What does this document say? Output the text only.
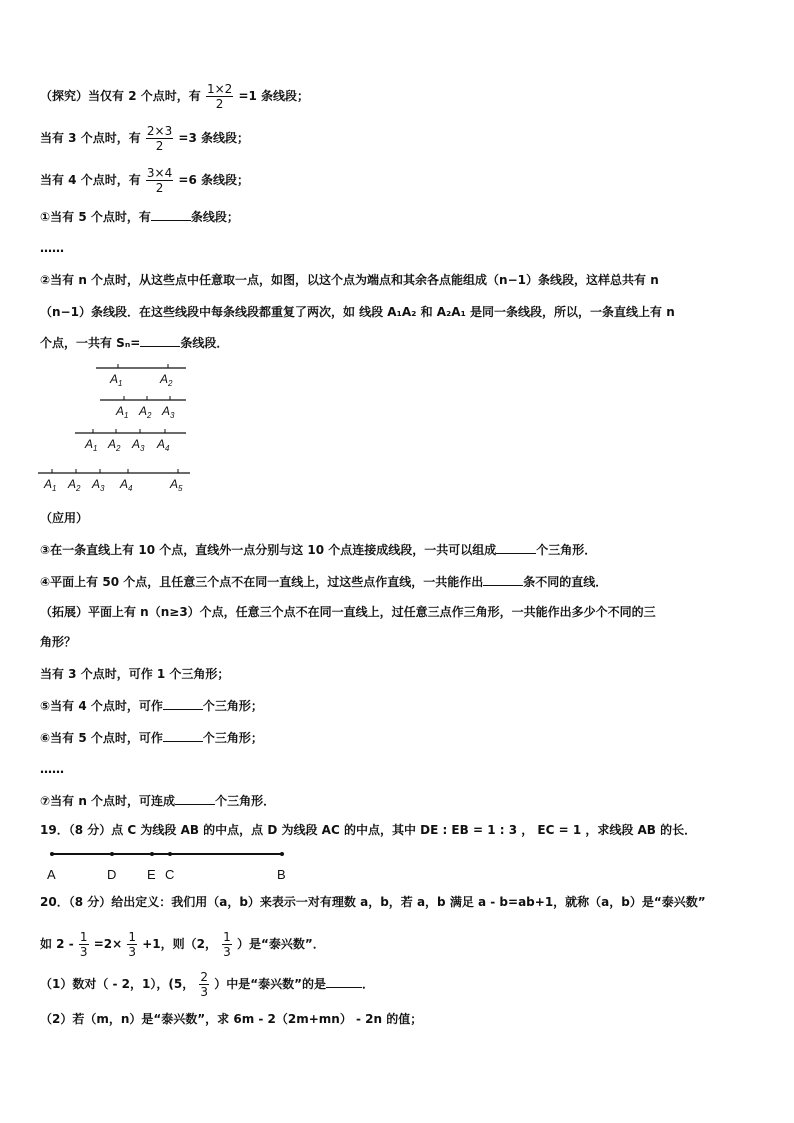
（探究）当仅有 2 个点时，有 $\frac{1\times 2}{2} =1$ 条线段；
当有 3 个点时，有 $\frac{2\times 3}{2} =3$ 条线段；
当有 4 个点时，有 $\frac{3\times 4}{2} =6$ 条线段；
①当有 5 个点时，有	条线段；
……
②当有 n 个点时，从这些点中任意取一点，如图，以这个点为端点和其余各点能组成（n−1）条线段，这样总共有 n
（n−1）条线段．在这些线段中每条线段都重复了两次，如 线段 A₁A₂ 和 A₂A₁ 是同一条线段，所以，一条直线上有 n
个点，一共有 Sₙ=	条线段．
$A_1$	$A_2$
$A_1$ $A_2$ $A_3$
$A_1$ $A_2$ $A_3$ $A_4$
$A_1$ $A_2$ $A_3$ $A_4$	$A_5$
（应用）
③在一条直线上有 10 个点，直线外一点分别与这 10 个点连接成线段，一共可以组成	个三角形．
④平面上有 50 个点，且任意三个点不在同一直线上，过这些点作直线，一共能作出	条不同的直线．
（拓展）平面上有 n（n≥3）个点，任意三个点不在同一直线上，过任意三点作三角形，一共能作出多少个不同的三
角形？
当有 3 个点时，可作 1 个三角形；
⑤当有 4 个点时，可作	个三角形；
⑥当有 5 个点时，可作	个三角形；
……
⑦当有 n 个点时，可连成	个三角形．
19．（8 分）点 C 为线段 AB 的中点，点 D 为线段 AC 的中点，其中 DE : EB = 1 : 3 ， EC = 1 ，求线段 AB 的长．
A	D E C	B
20．（8 分）给出定义：我们用（a，b）来表示一对有理数 a，b，若 a，b 满足 a - b=ab+1，就称（a，b）是“泰兴数”
如 $2 - \frac{1}{3} =2\times \frac{1}{3} +1$，则（2， $\frac{1}{3}$ ）是“泰兴数”．
（1）数对（ - 2，1），(5， $\frac{2}{3}$ ）中是“泰兴数”的是	．
（2）若（m，n）是“泰兴数”，求 6m - 2（2m+mn） - 2n 的值；
